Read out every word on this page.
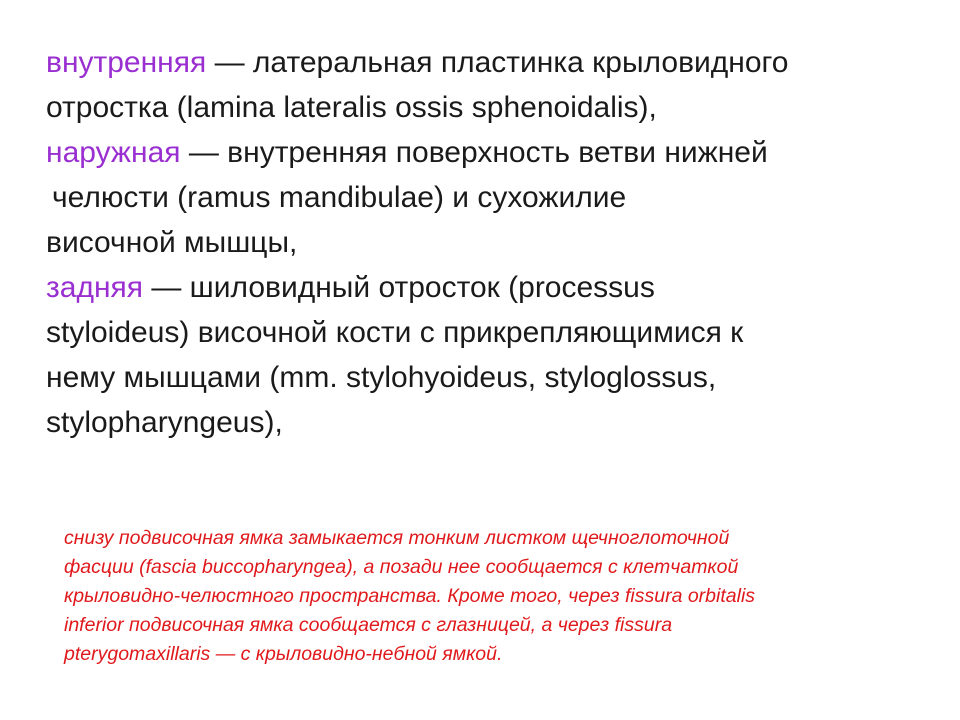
внутренняя — латеральная пластинка крыловидного
отростка (lamina lateralis ossis sphenoidalis),

наружная — внутренняя поверхность ветви нижней
челюсти (ramus mandibulae) и сухожилие
височной мышцы,

задняя — шиловидный отросток (processus
styloideus) височной кости с прикрепляющимися к
нему мышцами (mm. stylohyoideus, styloglossus,
stylopharyngeus),

снизу подвисочная ямка замыкается тонким листком щечноглоточной
фасции (fascia buccopharyngea), а позади нее сообщается с клетчаткой
крыловидно-челюстного пространства. Кроме того, через fissura orbitalis
inferior подвисочная ямка сообщается с глазницей, а через fissura
pterygomaxillaris — с крыловидно-небной ямкой.
